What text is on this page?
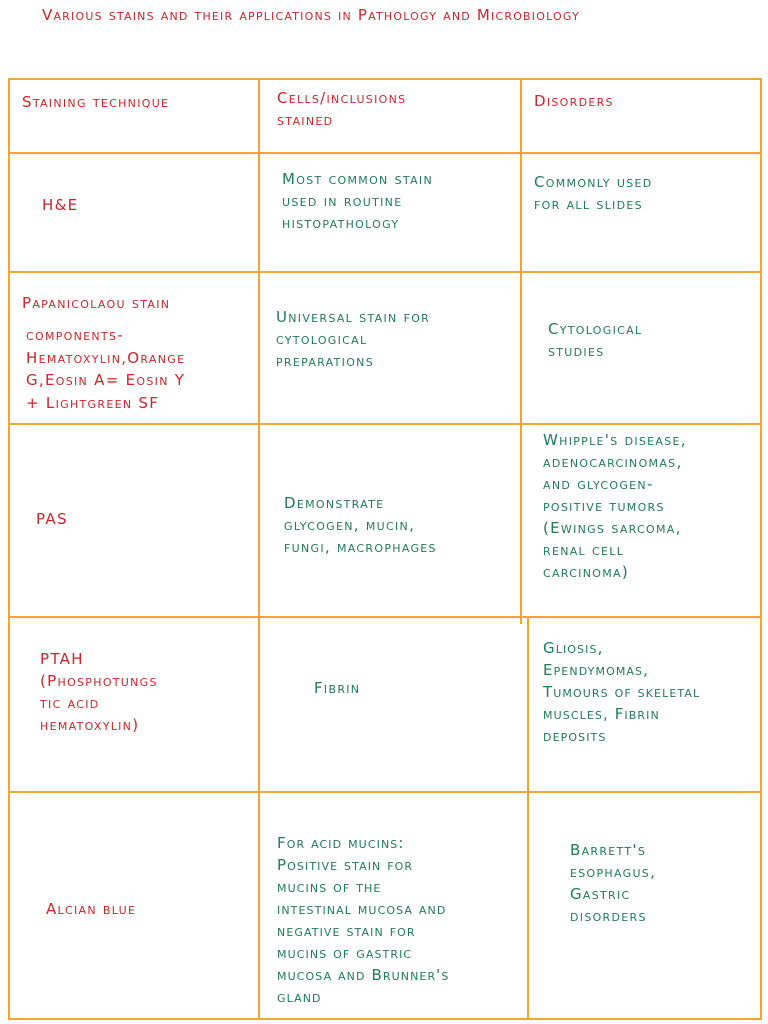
Various stains and their applications in Pathology and Microbiology
Staining technique	Cells/inclusions
stained
Disorders
H&E
Most common stain
used in routine
histopathology
Commonly used
for all slides
Papanicolaou stain
components-
Hematoxylin,Orange
G,Eosin A= Eosin Y
+ Lightgreen SF
Universal stain for
cytological
preparations
Cytological
studies
PAS
Demonstrate
glycogen, mucin,
fungi, macrophages
Whipple's disease,
adenocarcinomas,
and glycogen-
positive tumors
(Ewings sarcoma,
renal cell
carcinoma)
PTAH
(Phosphotungs
tic acid
hematoxylin)
Fibrin
Gliosis,
Ependymomas,
Tumours of skeletal
muscles, Fibrin
deposits
Alcian blue
For acid mucins:
Positive stain for
mucins of the
intestinal mucosa and
negative stain for
mucins of gastric
mucosa and Brunner's
gland
Barrett's
esophagus,
Gastric
disorders
